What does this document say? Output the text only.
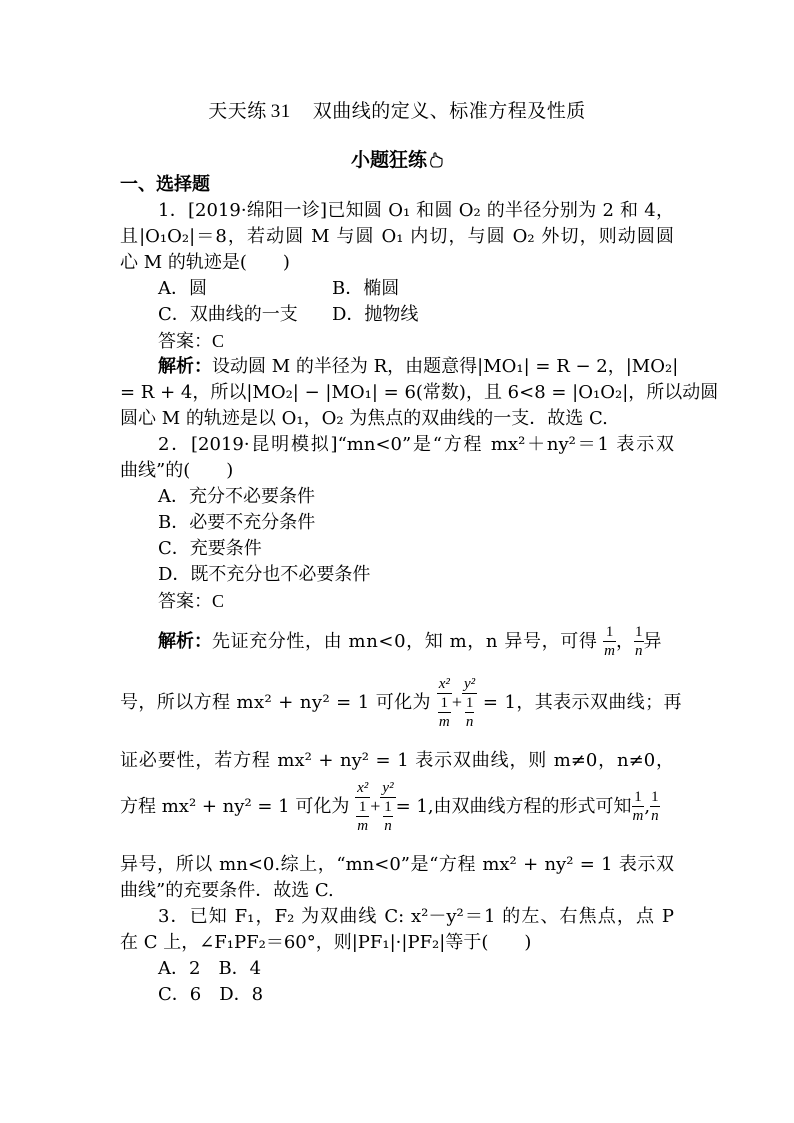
天天练 31 双曲线的定义、标准方程及性质
小题狂练
一、选择题
1．[2019·绵阳一诊]已知圆 O₁ 和圆 O₂ 的半径分别为 2 和 4，
且|O₁O₂|＝8，若动圆 M 与圆 O₁ 内切，与圆 O₂ 外切，则动圆圆
心 M 的轨迹是(　　)
A．圆	B．椭圆
C．双曲线的一支 D．抛物线
答案：C
解析：设动圆 M 的半径为 R，由题意得|MO₁| = R − 2，|MO₂|
= R + 4，所以|MO₂| − |MO₁| = 6(常数)，且 6<8 = |O₁O₂|，所以动圆
圆心 M 的轨迹是以 O₁，O₂ 为焦点的双曲线的一支．故选 C.
2．[2019·昆明模拟]“mn<0”是“方程 mx²＋ny²＝1 表示双
曲线”的(　　)
A．充分不必要条件
B．必要不充分条件
C．充要条件
D．既不充分也不必要条件
答案：C
解析：先证充分性，由 mn<0，知 m，n 异号，可得 $\frac{1}{m}$ ， $\frac{1}{n}$ 异
号，所以方程 mx² + ny² = 1 可化为
x²
$\frac{1}{m}$ +
y²
$\frac{1}{n} = 1$，其表示双曲线；再
证必要性，若方程 mx² + ny² = 1 表示双曲线，则 m≠0，n≠0，
方程 mx² + ny² = 1 可化为
x²
$\frac{1}{m}$ +
y²
$\frac{1}{n} = 1$,由双曲线方程的形式可知 $\frac{1}{m}$ , $\frac{1}{n}$
异号，所以 mn<0.综上，“mn<0”是“方程 mx² + ny² = 1 表示双
曲线”的充要条件．故选 C.
3．已知 F₁，F₂ 为双曲线 C: x²－y²＝1 的左、右焦点，点 P
在 C 上，∠F₁PF₂＝60°，则|PF₁|·|PF₂|等于(　　)
A．2　B．4
C．6　D．8
